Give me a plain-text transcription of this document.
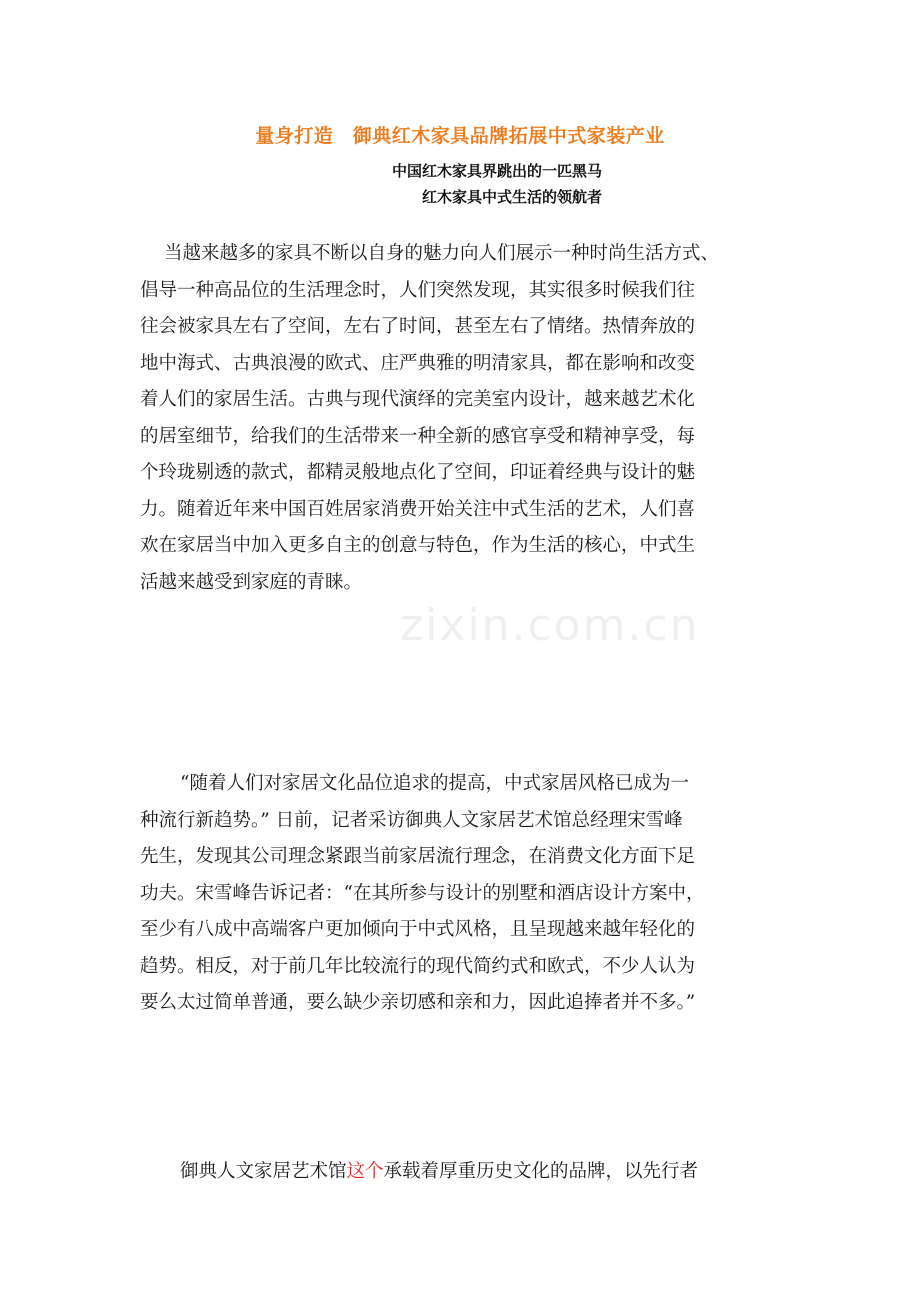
量身打造　御典红木家具品牌拓展中式家装产业
中国红木家具界跳出的一匹黑马
红木家具中式生活的领航者
zixin.com.cn
当越来越多的家具不断以自身的魅力向人们展示一种时尚生活方式、
倡导一种高品位的生活理念时，人们突然发现，其实很多时候我们往
往会被家具左右了空间，左右了时间，甚至左右了情绪。热情奔放的
地中海式、古典浪漫的欧式、庄严典雅的明清家具，都在影响和改变
着人们的家居生活。古典与现代演绎的完美室内设计，越来越艺术化
的居室细节，给我们的生活带来一种全新的感官享受和精神享受，每
个玲珑剔透的款式，都精灵般地点化了空间，印证着经典与设计的魅
力。随着近年来中国百姓居家消费开始关注中式生活的艺术，人们喜
欢在家居当中加入更多自主的创意与特色，作为生活的核心，中式生
活越来越受到家庭的青睐。
“随着人们对家居文化品位追求的提高，中式家居风格已成为一
种流行新趋势。” 日前，记者采访御典人文家居艺术馆总经理宋雪峰
先生，发现其公司理念紧跟当前家居流行理念，在消费文化方面下足
功夫。宋雪峰告诉记者：“在其所参与设计的别墅和酒店设计方案中，
至少有八成中高端客户更加倾向于中式风格，且呈现越来越年轻化的
趋势。相反，对于前几年比较流行的现代简约式和欧式，不少人认为
要么太过简单普通，要么缺少亲切感和亲和力，因此追捧者并不多。”
御典人文家居艺术馆这个承载着厚重历史文化的品牌，以先行者
